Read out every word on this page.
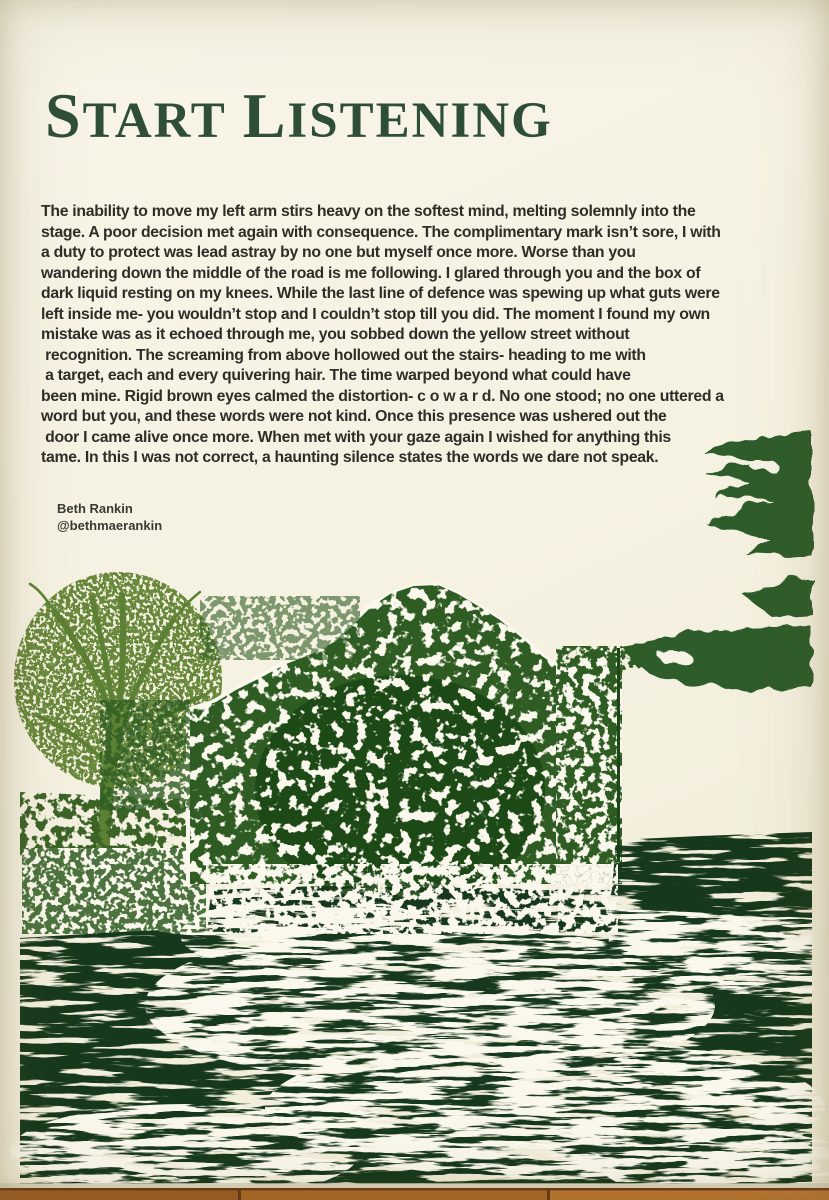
START LISTENING
The inability to move my left arm stirs heavy on the softest mind, melting solemnly into the
stage. A poor decision met again with consequence. The complimentary mark isn’t sore, I with
a duty to protect was lead astray by no one but myself once more. Worse than you
wandering down the middle of the road is me following. I glared through you and the box of
dark liquid resting on my knees. While the last line of defence was spewing up what guts were
left inside me- you wouldn’t stop and I couldn’t stop till you did. The moment I found my own
mistake was as it echoed through me, you sobbed down the yellow street without
recognition. The screaming from above hollowed out the stairs- heading to me with
a target, each and every quivering hair. The time warped beyond what could have
been mine. Rigid brown eyes calmed the distortion- c o w a r d. No one stood; no one uttered a
word but you, and these words were not kind. Once this presence was ushered out the
door I came alive once more. When met with your gaze again I wished for anything this
tame. In this I was not correct, a haunting silence states the words we dare not speak.
Beth Rankin
@bethmaerankin
